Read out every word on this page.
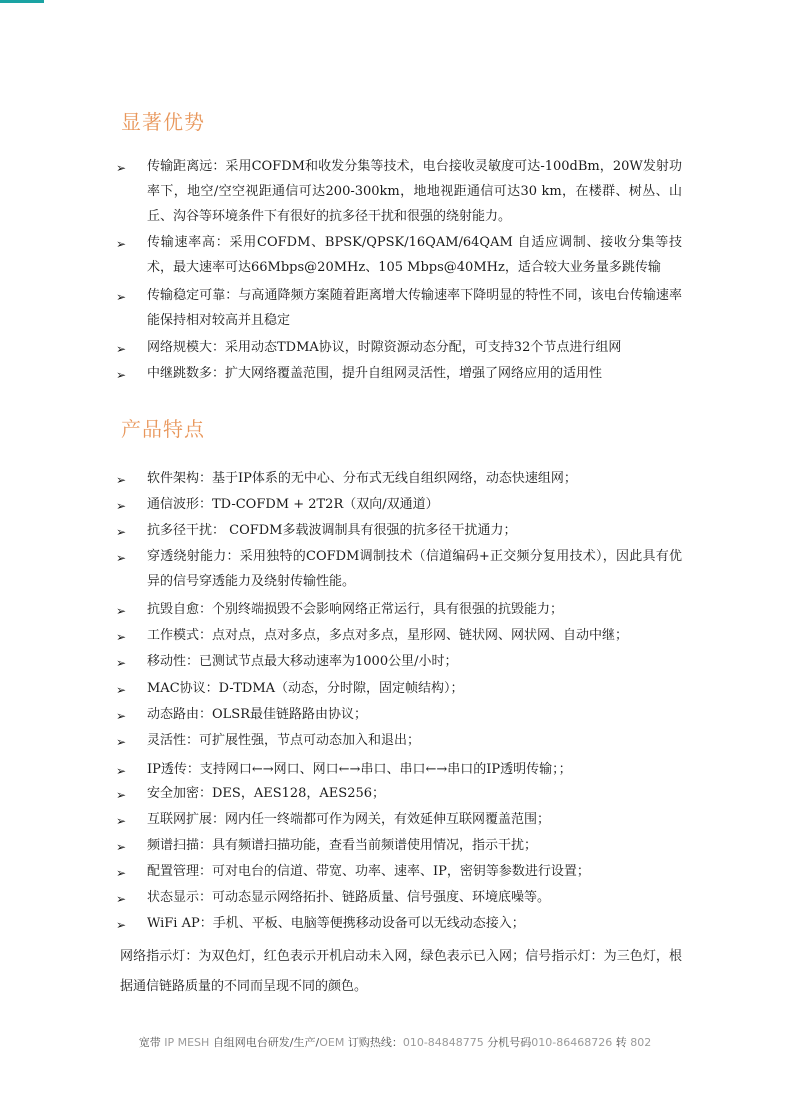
显著优势
➢	传输距离远：采用COFDM和收发分集等技术，电台接收灵敏度可达-100dBm，20W发射功率下，地空/空空视距通信可达200-300km，地地视距通信可达30 km，在楼群、树丛、山丘、沟谷等环境条件下有很好的抗多径干扰和很强的绕射能力。
➢	传输速率高：采用COFDM、BPSK/QPSK/16QAM/64QAM 自适应调制、接收分集等技术，最大速率可达66Mbps@20MHz、105 Mbps@40MHz，适合较大业务量多跳传输
➢	传输稳定可靠：与高通降频方案随着距离增大传输速率下降明显的特性不同，该电台传输速率能保持相对较高并且稳定
➢	网络规模大：采用动态TDMA协议，时隙资源动态分配，可支持32个节点进行组网
➢	中继跳数多：扩大网络覆盖范围，提升自组网灵活性，增强了网络应用的适用性
产品特点
➢	软件架构：基于IP体系的无中心、分布式无线自组织网络，动态快速组网；
➢	通信波形：TD-COFDM + 2T2R（双向/双通道）
➢	抗多径干扰： COFDM多载波调制具有很强的抗多径干扰通力；
➢	穿透绕射能力：采用独特的COFDM调制技术（信道编码+正交频分复用技术），因此具有优异的信号穿透能力及绕射传输性能。
➢	抗毁自愈：个别终端损毁不会影响网络正常运行，具有很强的抗毁能力；
➢	工作模式：点对点，点对多点，多点对多点，星形网、链状网、网状网、自动中继；
➢	移动性：已测试节点最大移动速率为1000公里/小时；
➢	MAC协议：D-TDMA（动态，分时隙，固定帧结构）；
➢	动态路由：OLSR最佳链路路由协议；
➢	灵活性：可扩展性强，节点可动态加入和退出；
➢	IP透传：支持网口←→网口、网口←→串口、串口←→串口的IP透明传输；；
➢	安全加密：DES，AES128，AES256；
➢	互联网扩展：网内任一终端都可作为网关，有效延伸互联网覆盖范围；
➢	频谱扫描：具有频谱扫描功能，查看当前频谱使用情况，指示干扰；
➢	配置管理：可对电台的信道、带宽、功率、速率、IP，密钥等参数进行设置；
➢	状态显示：可动态显示网络拓扑、链路质量、信号强度、环境底噪等。
➢	WiFi AP：手机、平板、电脑等便携移动设备可以无线动态接入；
网络指示灯：为双色灯，红色表示开机启动未入网，绿色表示已入网；信号指示灯：为三色灯，根据通信链路质量的不同而呈现不同的颜色。
宽带 IP MESH 自组网电台研发/生产/OEM 订购热线：010-84848775 分机号码010-86468726 转 802
